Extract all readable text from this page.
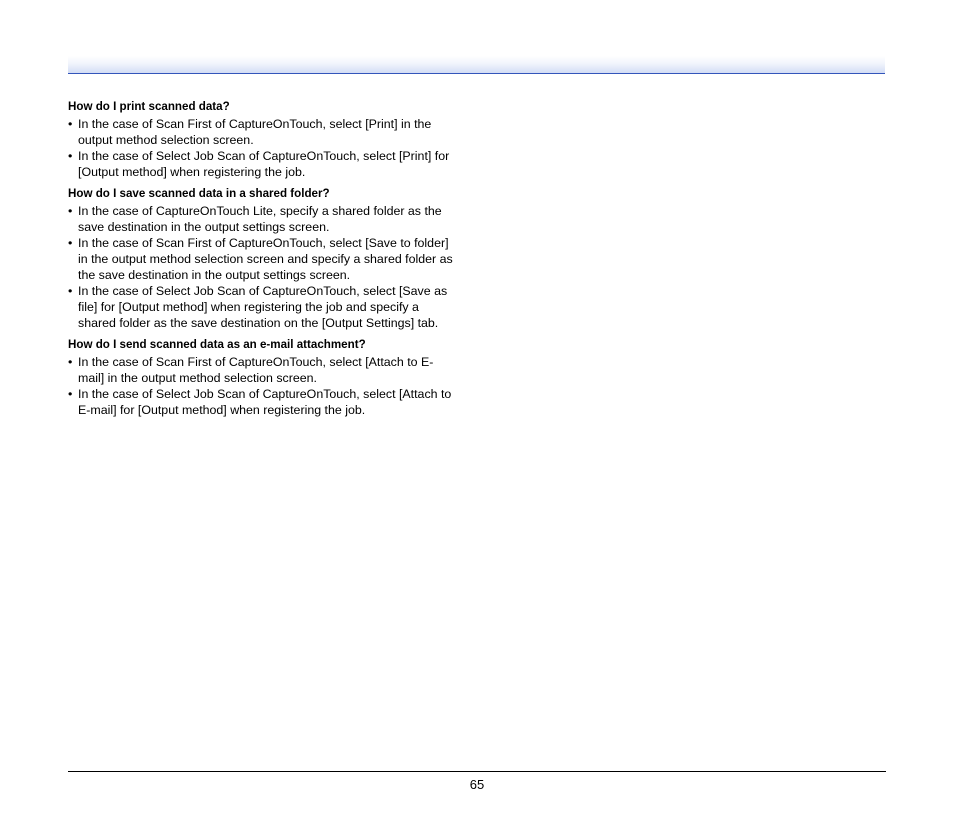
How do I print scanned data?
• In the case of Scan First of CaptureOnTouch, select [Print] in the
output method selection screen.
• In the case of Select Job Scan of CaptureOnTouch, select [Print] for
[Output method] when registering the job.
How do I save scanned data in a shared folder?
• In the case of CaptureOnTouch Lite, specify a shared folder as the
save destination in the output settings screen.
• In the case of Scan First of CaptureOnTouch, select [Save to folder]
in the output method selection screen and specify a shared folder as
the save destination in the output settings screen.
• In the case of Select Job Scan of CaptureOnTouch, select [Save as
file] for [Output method] when registering the job and specify a
shared folder as the save destination on the [Output Settings] tab.
How do I send scanned data as an e-mail attachment?
• In the case of Scan First of CaptureOnTouch, select [Attach to E-
mail] in the output method selection screen.
• In the case of Select Job Scan of CaptureOnTouch, select [Attach to
E-mail] for [Output method] when registering the job.
65
